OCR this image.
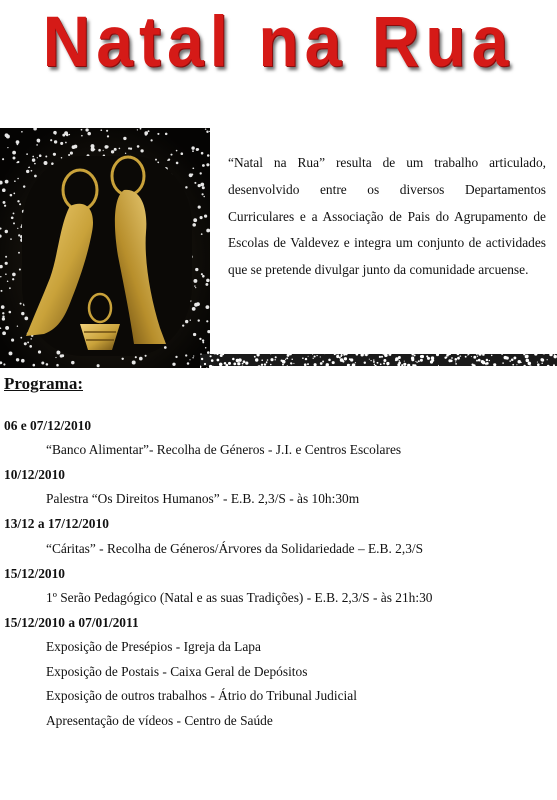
Natal na Rua
“Natal na Rua” resulta de um trabalho articulado, desenvolvido entre os diversos Departamentos Curriculares e a Associação de Pais do Agrupamento de Escolas de Valdevez e integra um conjunto de actividades que se pretende divulgar junto da comunidade arcuense.
Programa:
06 e 07/12/2010
“Banco Alimentar”- Recolha de Géneros - J.I. e Centros Escolares
10/12/2010
Palestra “Os Direitos Humanos” - E.B. 2,3/S - às 10h:30m
13/12 a 17/12/2010
“Cáritas” - Recolha de Géneros/Árvores da Solidariedade – E.B. 2,3/S
15/12/2010
1º Serão Pedagógico (Natal e as suas Tradições) - E.B. 2,3/S - às 21h:30
15/12/2010 a 07/01/2011
Exposição de Presépios - Igreja da Lapa
Exposição de Postais - Caixa Geral de Depósitos
Exposição de outros trabalhos - Átrio do Tribunal Judicial
Apresentação de vídeos - Centro de Saúde
